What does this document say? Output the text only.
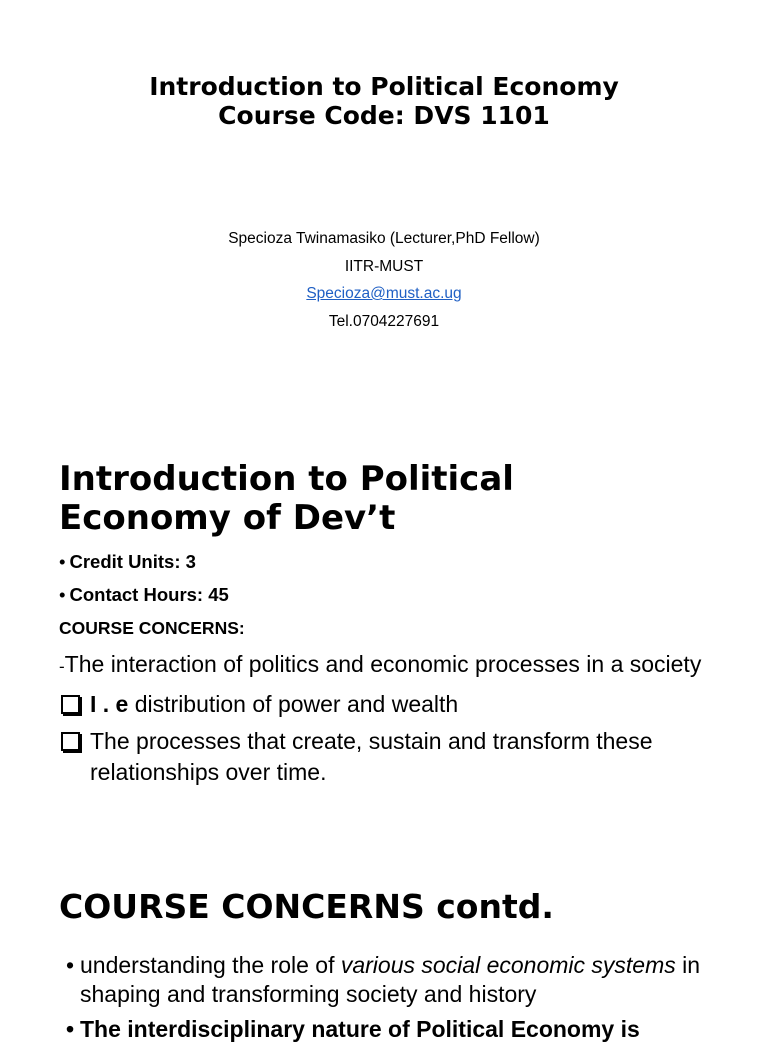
Introduction to Political Economy
Course Code: DVS 1101
Specioza Twinamasiko (Lecturer,PhD Fellow)
IITR-MUST
Specioza@must.ac.ug
Tel.0704227691
Introduction to Political
Economy of Dev’t
• Credit Units: 3
• Contact Hours: 45
COURSE CONCERNS:
-The interaction of politics and economic processes in a society
I . e distribution of power and wealth
The processes that create, sustain and transform these relationships over time.
COURSE CONCERNS contd.
• understanding the role of various social economic systems in shaping and transforming society and history
• The interdisciplinary nature of Political Economy is
